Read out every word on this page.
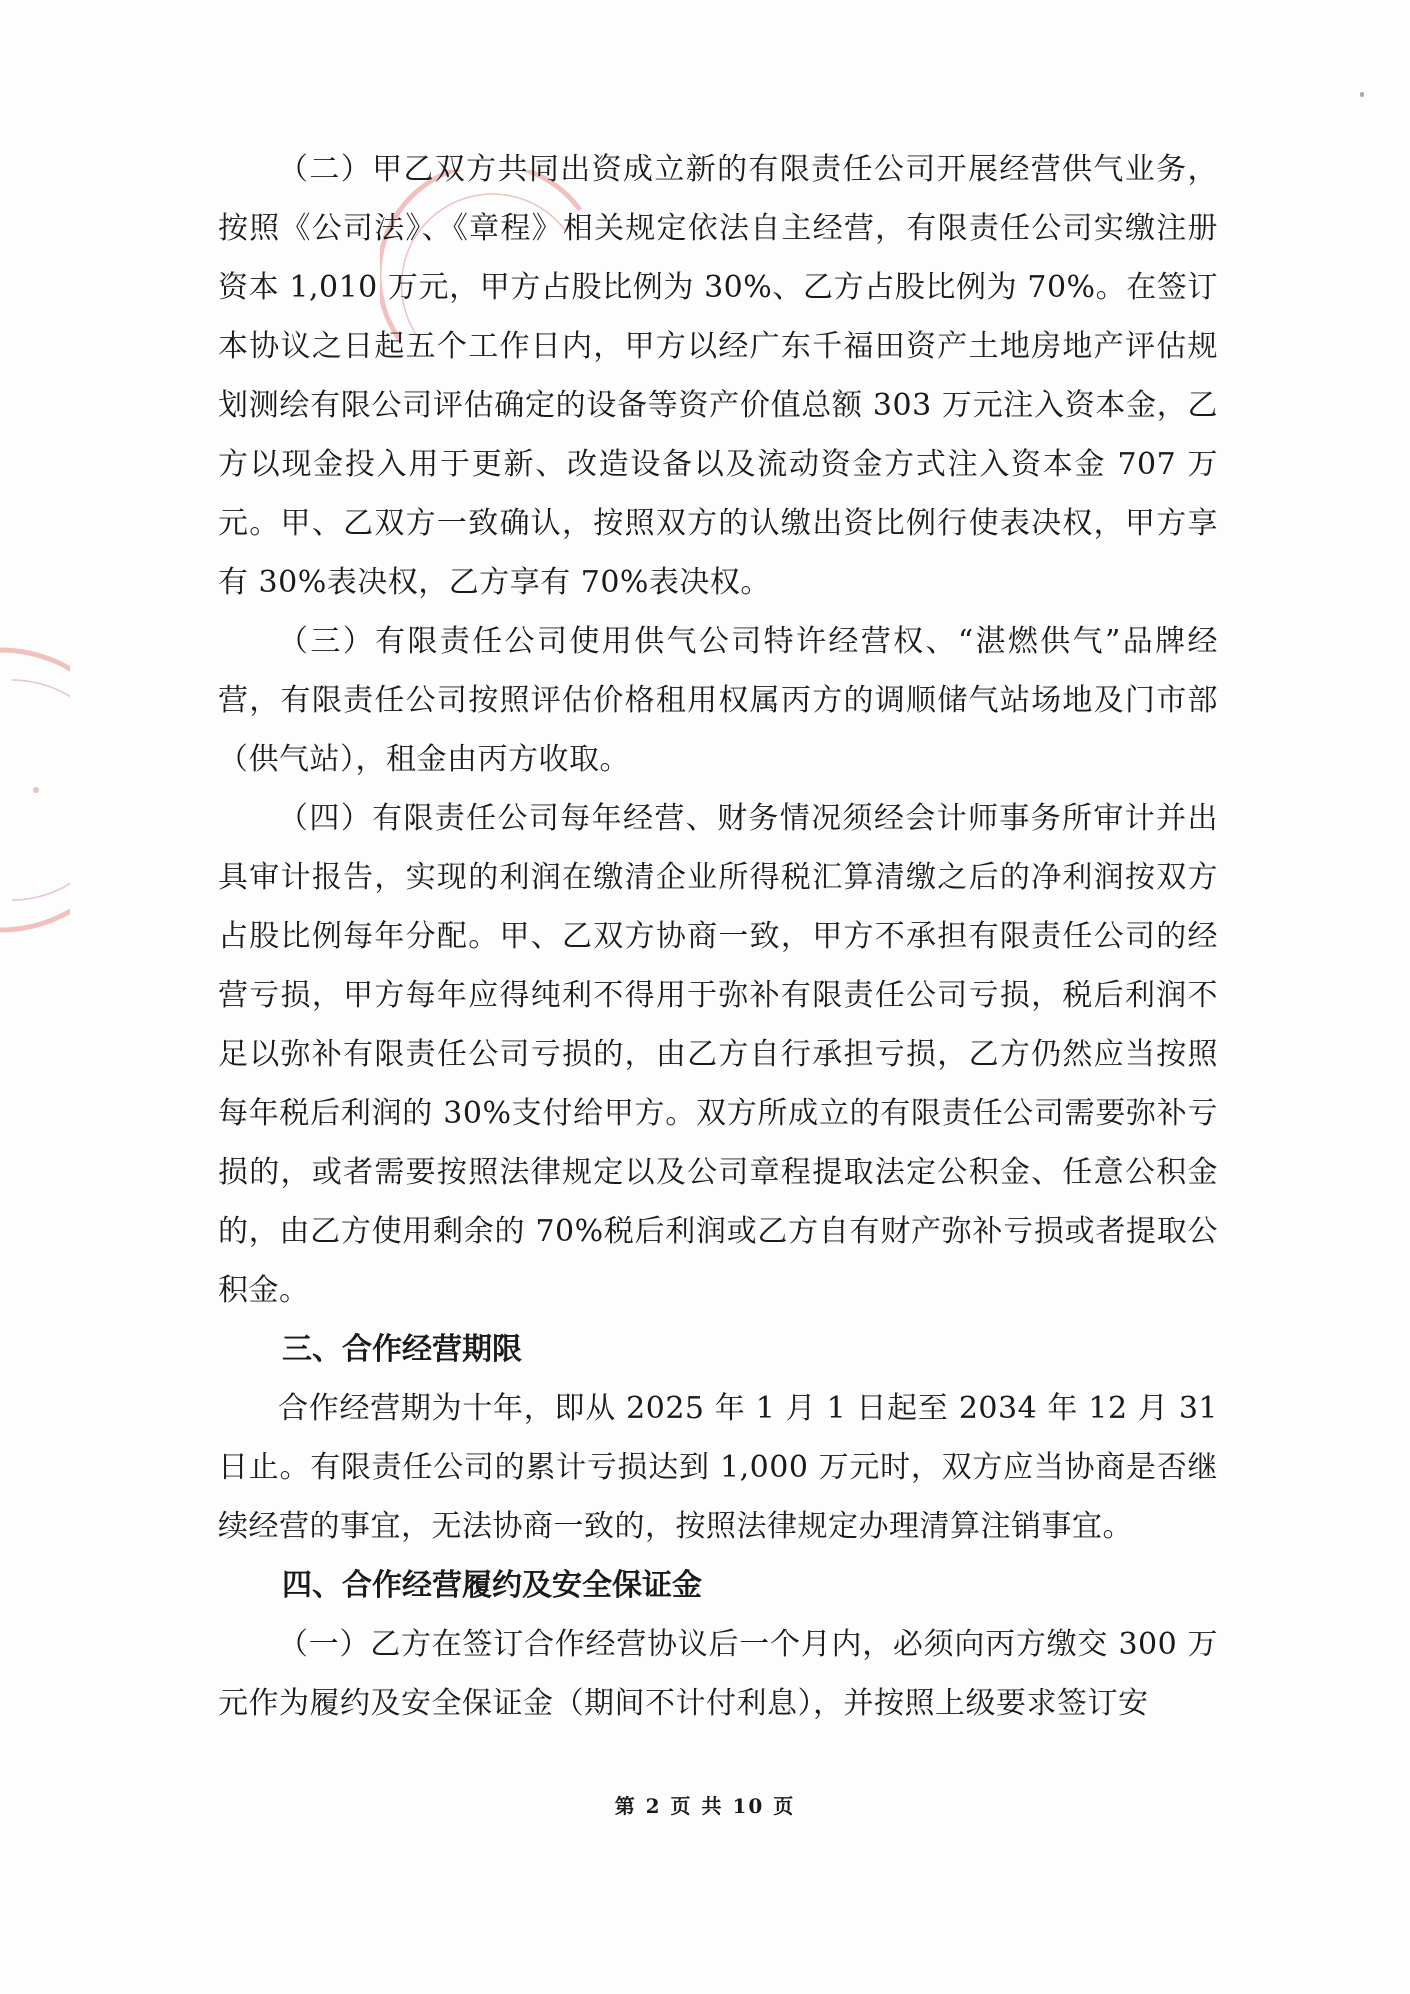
（二）甲乙双方共同出资成立新的有限责任公司开展经营供气业务，按照《公司法》、《章程》相关规定依法自主经营，有限责任公司实缴注册资本 1,010 万元，甲方占股比例为 30%、乙方占股比例为 70%。在签订本协议之日起五个工作日内，甲方以经广东千福田资产土地房地产评估规划测绘有限公司评估确定的设备等资产价值总额 303 万元注入资本金，乙方以现金投入用于更新、改造设备以及流动资金方式注入资本金 707 万元。甲、乙双方一致确认，按照双方的认缴出资比例行使表决权，甲方享有 30%表决权，乙方享有 70%表决权。

（三）有限责任公司使用供气公司特许经营权、“湛燃供气”品牌经营，有限责任公司按照评估价格租用权属丙方的调顺储气站场地及门市部（供气站），租金由丙方收取。

（四）有限责任公司每年经营、财务情况须经会计师事务所审计并出具审计报告，实现的利润在缴清企业所得税汇算清缴之后的净利润按双方占股比例每年分配。甲、乙双方协商一致，甲方不承担有限责任公司的经营亏损，甲方每年应得纯利不得用于弥补有限责任公司亏损，税后利润不足以弥补有限责任公司亏损的，由乙方自行承担亏损，乙方仍然应当按照每年税后利润的 30%支付给甲方。双方所成立的有限责任公司需要弥补亏损的，或者需要按照法律规定以及公司章程提取法定公积金、任意公积金的，由乙方使用剩余的 70%税后利润或乙方自有财产弥补亏损或者提取公积金。

三、合作经营期限

合作经营期为十年，即从 2025 年 1 月 1 日起至 2034 年 12 月 31 日止。有限责任公司的累计亏损达到 1,000 万元时，双方应当协商是否继续经营的事宜，无法协商一致的，按照法律规定办理清算注销事宜。

四、合作经营履约及安全保证金

（一）乙方在签订合作经营协议后一个月内，必须向丙方缴交 300 万元作为履约及安全保证金（期间不计付利息），并按照上级要求签订安

第 2 页 共 10 页
